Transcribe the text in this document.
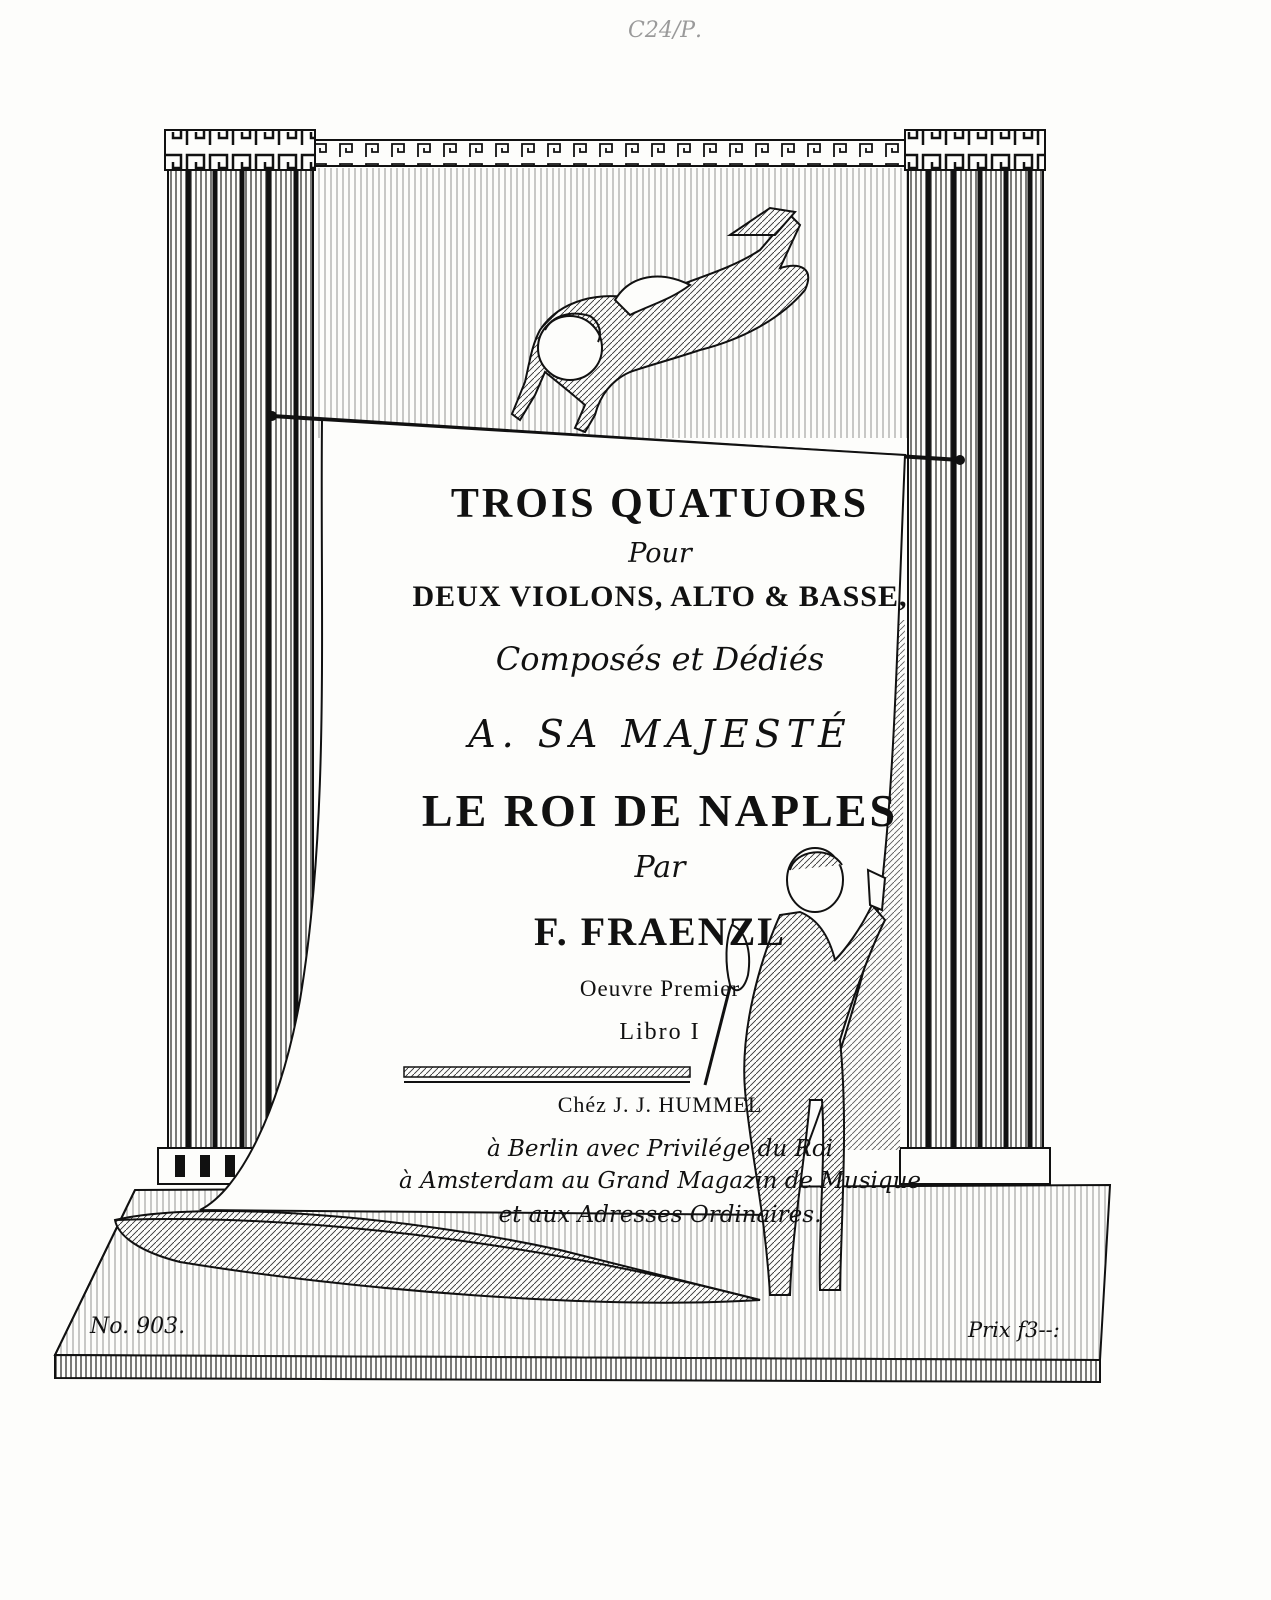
С24/Р.
TROIS QUATUORS
Pour
DEUX VIOLONS, ALTO & BASSE,
Composés et Dédiés
A. SA MAJESTÉ
LE ROI DE NAPLES
Par
F. FRAENZL
Oeuvre Premier
Libro I
Chéz J. J. HUMMEL
à Berlin avec Privilége du Roi
à Amsterdam au Grand Magazin de Musique
et aux Adresses Ordinaires.
No. 903.	Prix f3--:
